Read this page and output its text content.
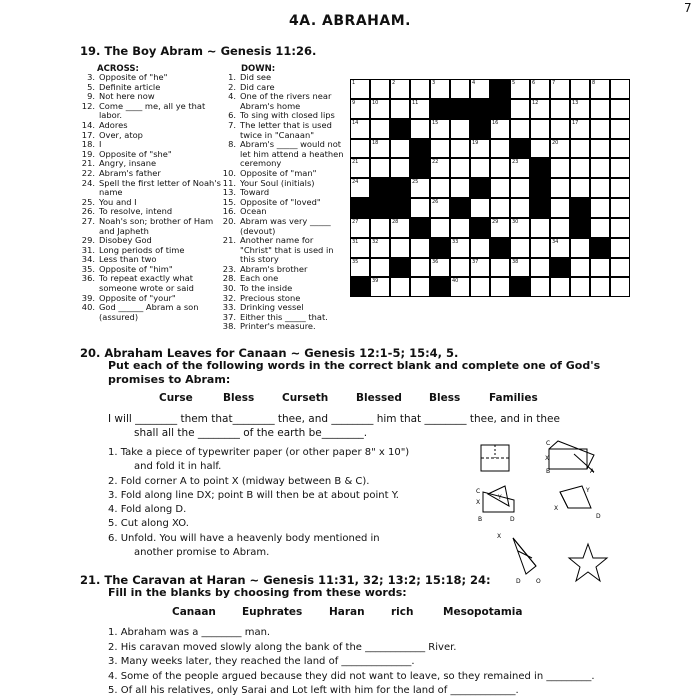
7
4A. ABRAHAM.
19. The Boy Abram ~ Genesis 11:26.
ACROSS:	DOWN:
3. Opposite of "he"
5. Definite article
9. Not here now
12. Come ____ me, all ye that labor.
14. Adores
17. Over, atop
18. I
19. Opposite of "she"
21. Angry, insane
22. Abram's father
24. Spell the first letter of Noah's name
25. You and I
26. To resolve, intend
27. Noah's son; brother of Ham and Japheth
29. Disobey God
31. Long periods of time
34. Less than two
35. Opposite of "him"
36. To repeat exactly what someone wrote or said
39. Opposite of "your"
40. God ______ Abram a son (assured)
1. Did see
2. Did care
4. One of the rivers near Abram's home
6. To sing with closed lips
7. The letter that is used twice in "Canaan"
8. Abram's _____ would not let him attend a heathen ceremony
10. Opposite of "man"
11. Your Soul (initials)
13. Toward
15. Opposite of "loved"
16. Ocean
20. Abram was very _____ (devout)
21. Another name for "Christ" that is used in this story
23. Abram's brother
28. Each one
30. To the inside
32. Precious stone
33. Drinking vessel
37. Either this _____ that.
38. Printer's measure.
1	2	3	4	5	6	7	8
9	10	11	12	13
14	15	16	17
18	19	20
21	22	23
24	25
26
27	28	29	30
31	32	33	34
35	36	37	38
39	40
20. Abraham Leaves for Canaan ~ Genesis 12:1-5; 15:4, 5.
Put each of the following words in the correct blank and complete one of God's promises to Abram:
Curse	Bless	Curseth	Blessed	Bless	Families
I will ________ them that________ thee, and ________ him that ________ thee, and in thee
shall all the ________ of the earth be________.
1. Take a piece of typewriter paper (or other paper 8" x 10")
and fold it in half.
2. Fold corner A to point X (midway between B & C).
3. Fold along line DX; point B will then be at about point Y.
4. Fold along D.
5. Cut along XO.
6. Unfold. You will have a heavenly body mentioned in
another promise to Abram.
C
X
B	A
C
X
Y
B	D
X
Y
D
X
D	O
21. The Caravan at Haran ~ Genesis 11:31, 32; 13:2; 15:18; 24:
Fill in the blanks by choosing from these words:
Canaan Euphrates	Haran	rich	Mesopotamia
1. Abraham was a ________ man.
2. His caravan moved slowly along the bank of the ____________ River.
3. Many weeks later, they reached the land of ______________.
4. Some of the people argued because they did not want to leave, so they remained in _________.
5. Of all his relatives, only Sarai and Lot left with him for the land of _____________.
